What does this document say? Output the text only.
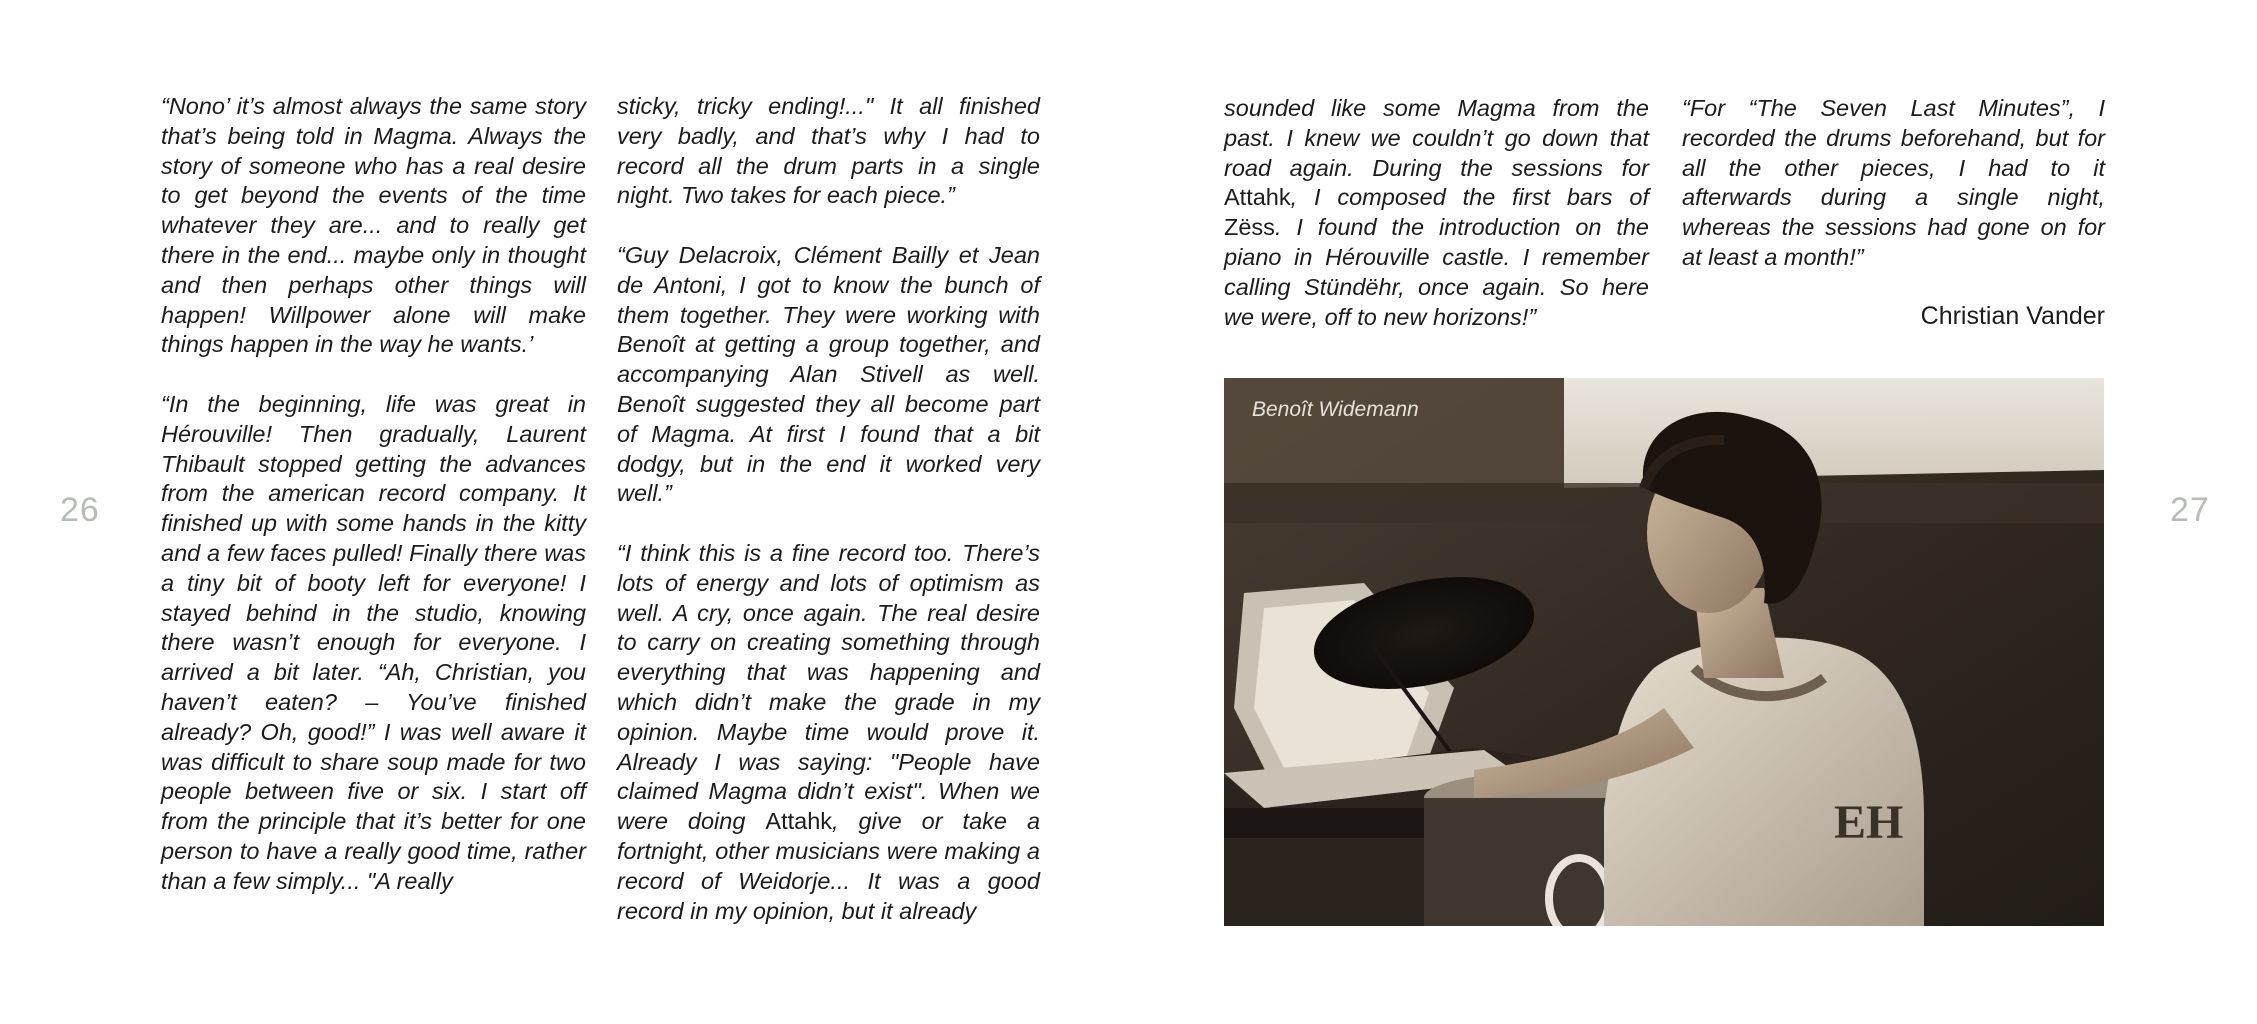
26	27

“Nono’ it’s almost always the same story that’s being told in Magma. Always the story of someone who has a real desire to get beyond the events of the time whatever they are... and to really get there in the end... maybe only in thought and then perhaps other things will happen! Willpower alone will make things happen in the way he wants.’

“In the beginning, life was great in Hérouville! Then gradually, Laurent Thibault stopped getting the advances from the american record company. It finished up with some hands in the kitty and a few faces pulled! Finally there was a tiny bit of booty left for everyone! I stayed behind in the studio, knowing there wasn’t enough for everyone. I arrived a bit later. “Ah, Christian, you haven’t eaten? – You’ve finished already? Oh, good!” I was well aware it was difficult to share soup made for two people between five or six. I start off from the principle that it’s better for one person to have a really good time, rather than a few simply... "A really

sticky, tricky ending!..." It all finished very badly, and that’s why I had to record all the drum parts in a single night. Two takes for each piece.”

“Guy Delacroix, Clément Bailly et Jean de Antoni, I got to know the bunch of them together. They were working with Benoît at getting a group together, and accompanying Alan Stivell as well. Benoît suggested they all become part of Magma. At first I found that a bit dodgy, but in the end it worked very well.”

“I think this is a fine record too. There’s lots of energy and lots of optimism as well. A cry, once again. The real desire to carry on creating something through everything that was happening and which didn’t make the grade in my opinion. Maybe time would prove it. Already I was saying: "People have claimed Magma didn’t exist". When we were doing Attahk, give or take a fortnight, other musicians were making a record of Weidorje... It was a good record in my opinion, but it already

sounded like some Magma from the past. I knew we couldn’t go down that road again. During the sessions for Attahk, I composed the first bars of Zëss. I found the introduction on the piano in Hérouville castle. I remember calling Stündëhr, once again. So here we were, off to new horizons!”

“For “The Seven Last Minutes”, I recorded the drums beforehand, but for all the other pieces, I had to it afterwards during a single night, whereas the sessions had gone on for at least a month!”

Christian Vander
EH
Benoît Widemann
